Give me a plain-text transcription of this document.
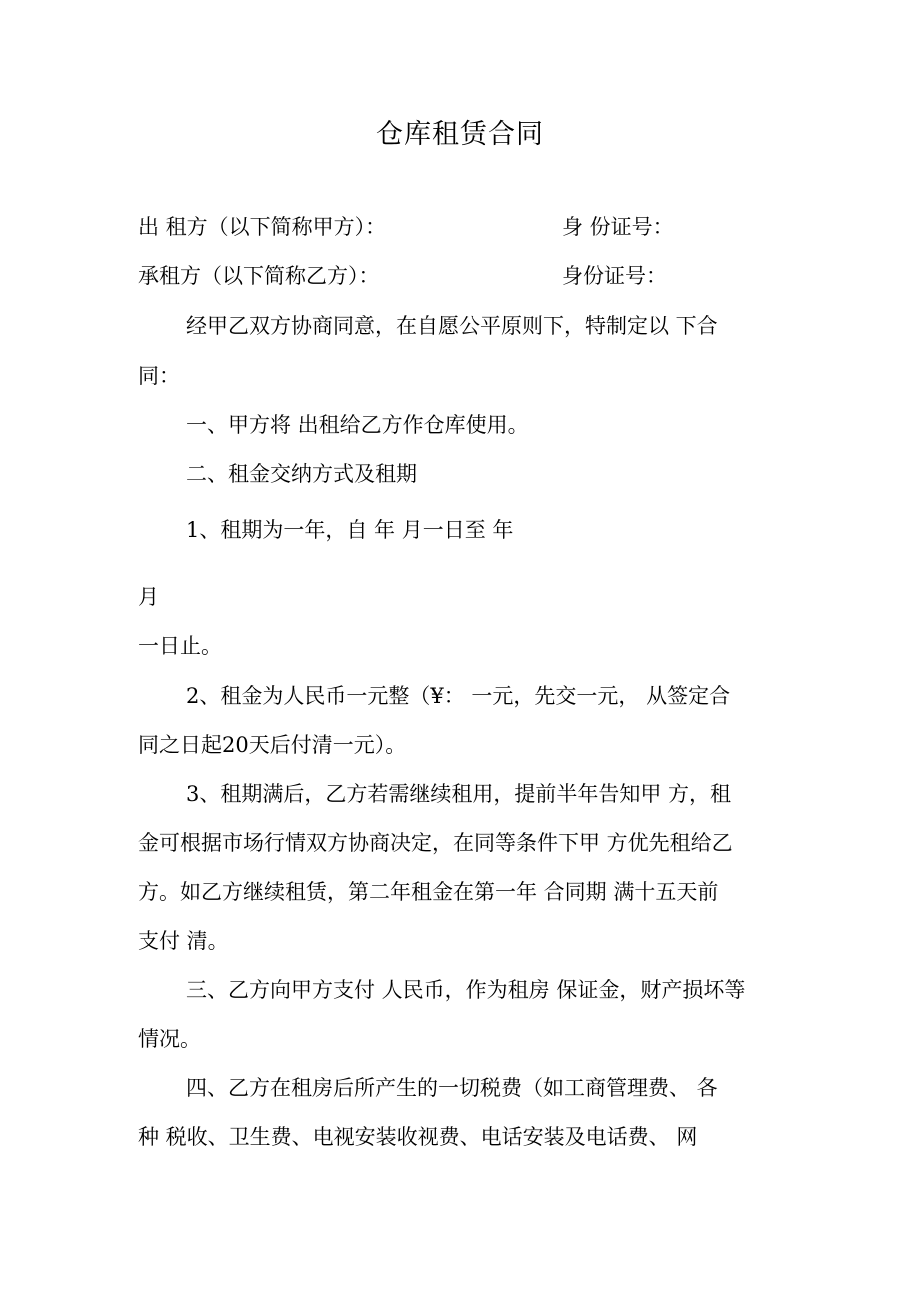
仓库租赁合同
出 租方（以下简称甲方）：	身 份证号：
承租方（以下简称乙方）：	身份证号：
经甲乙双方协商同意，在自愿公平原则下，特制定以 下合
同：
一、甲方将 出租给乙方作仓库使用。
二、租金交纳方式及租期
1、租期为一年，自 年 月一日至 年
月
一日止。
2、租金为人民币一元整（¥： 一元，先交一元， 从签定合
同之日起20天后付清一元）。
3、租期满后，乙方若需继续租用，提前半年告知甲 方，租
金可根据市场行情双方协商决定，在同等条件下甲 方优先租给乙
方。如乙方继续租赁，第二年租金在第一年 合同期 满十五天前
支付 清。
三、乙方向甲方支付 人民币，作为租房 保证金，财产损坏等
情况。
四、乙方在租房后所产生的一切税费（如工商管理费、 各
种 税收、卫生费、电视安装收视费、电话安装及电话费、 网
